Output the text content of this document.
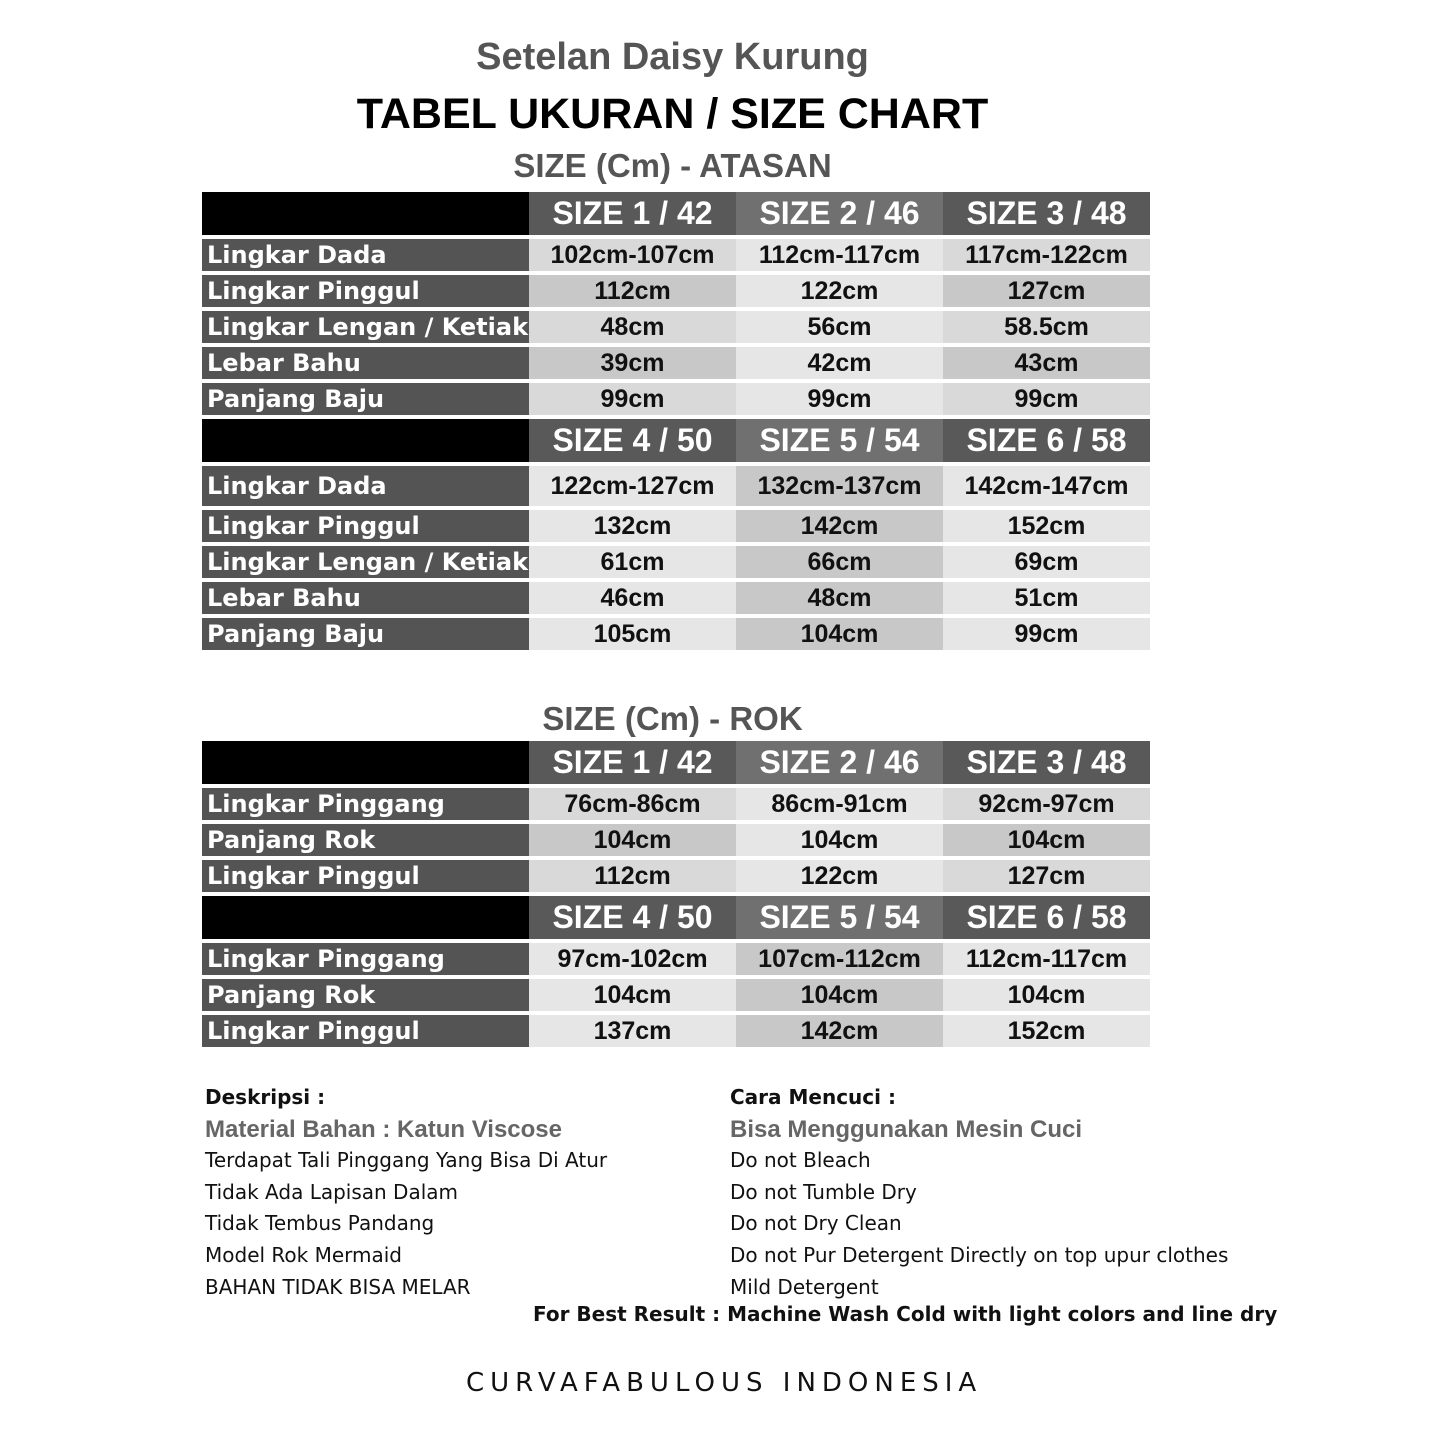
Setelan Daisy Kurung
TABEL UKURAN / SIZE CHART
SIZE (Cm) - ATASAN
	SIZE 1 / 42	SIZE 2 / 46	SIZE 3 / 48
Lingkar Dada	102cm-107cm	112cm-117cm	117cm-122cm
Lingkar Pinggul	112cm	122cm	127cm
Lingkar Lengan / Ketiak	48cm	56cm	58.5cm
Lebar Bahu	39cm	42cm	43cm
Panjang Baju	99cm	99cm	99cm
	SIZE 4 / 50	SIZE 5 / 54	SIZE 6 / 58
Lingkar Dada	122cm-127cm	132cm-137cm	142cm-147cm
Lingkar Pinggul	132cm	142cm	152cm
Lingkar Lengan / Ketiak	61cm	66cm	69cm
Lebar Bahu	46cm	48cm	51cm
Panjang Baju	105cm	104cm	99cm
SIZE (Cm) - ROK
	SIZE 1 / 42	SIZE 2 / 46	SIZE 3 / 48
Lingkar Pinggang	76cm-86cm	86cm-91cm	92cm-97cm
Panjang Rok	104cm	104cm	104cm
Lingkar Pinggul	112cm	122cm	127cm
	SIZE 4 / 50	SIZE 5 / 54	SIZE 6 / 58
Lingkar Pinggang	97cm-102cm	107cm-112cm	112cm-117cm
Panjang Rok	104cm	104cm	104cm
Lingkar Pinggul	137cm	142cm	152cm
Deskripsi :
Material Bahan : Katun Viscose
Terdapat Tali Pinggang Yang Bisa Di Atur
Tidak Ada Lapisan Dalam
Tidak Tembus Pandang
Model Rok Mermaid
BAHAN TIDAK BISA MELAR
Cara Mencuci :
Bisa Menggunakan Mesin Cuci
Do not Bleach
Do not Tumble Dry
Do not Dry Clean
Do not Pur Detergent Directly on top upur clothes
Mild Detergent
For Best Result : Machine Wash Cold with light colors and line dry
CURVAFABULOUS INDONESIA
